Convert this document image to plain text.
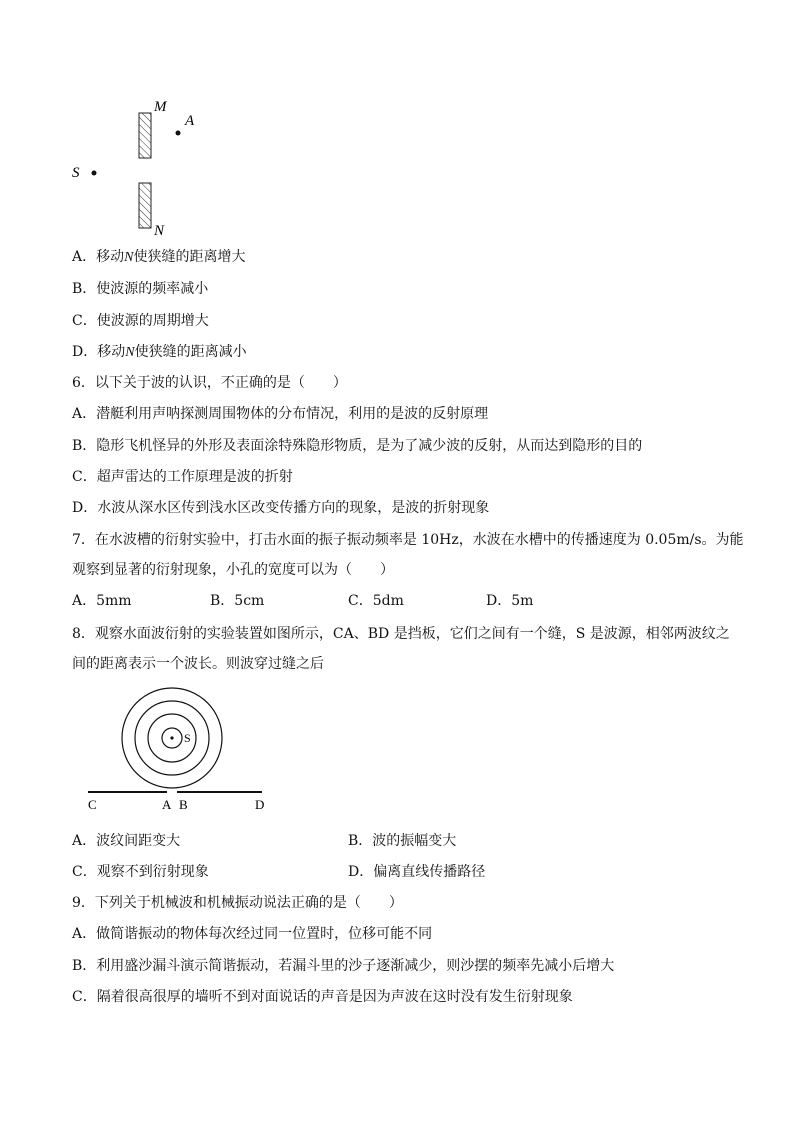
M
A
S
N
A．移动N使狭缝的距离增大
B．使波源的频率减小
C．使波源的周期增大
D．移动N使狭缝的距离减小
6．以下关于波的认识，不正确的是（　　）
A．潜艇利用声呐探测周围物体的分布情况，利用的是波的反射原理
B．隐形飞机怪异的外形及表面涂特殊隐形物质，是为了减少波的反射，从而达到隐形的目的
C．超声雷达的工作原理是波的折射
D．水波从深水区传到浅水区改变传播方向的现象，是波的折射现象
7．在水波槽的衍射实验中，打击水面的振子振动频率是 10Hz，水波在水槽中的传播速度为 0.05m/s。为能
观察到显著的衍射现象，小孔的宽度可以为（　　）
A．5mm	B．5cm	C．5dm	D．5m
8．观察水面波衍射的实验装置如图所示，CA、BD 是挡板，它们之间有一个缝，S 是波源，相邻两波纹之
间的距离表示一个波长。则波穿过缝之后
S
C	A B	D
A．波纹间距变大	B．波的振幅变大
C．观察不到衍射现象	D．偏离直线传播路径
9．下列关于机械波和机械振动说法正确的是（　　）
A．做简谐振动的物体每次经过同一位置时，位移可能不同
B．利用盛沙漏斗演示简谐振动，若漏斗里的沙子逐渐减少，则沙摆的频率先减小后增大
C．隔着很高很厚的墙听不到对面说话的声音是因为声波在这时没有发生衍射现象
